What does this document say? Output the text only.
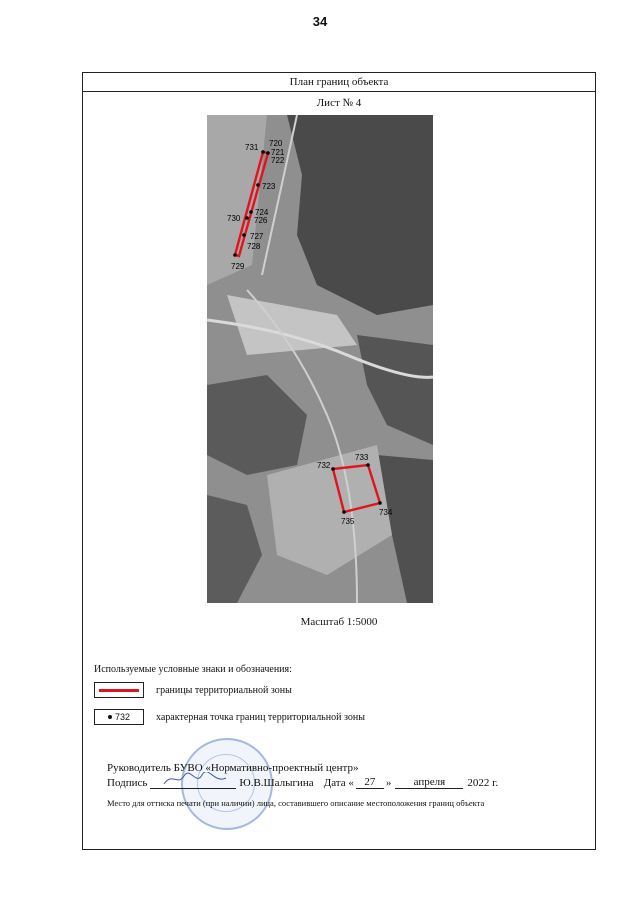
34
План границ объекта
Лист № 4
720
721
722
723
724
726
727
728
729
730
731
732
733
734
735
Масштаб 1:5000
Используемые условные знаки и обозначения:
границы территориальной зоны
732	характерная точка границ территориальной зоны
Руководитель БУВО «Нормативно-проектный центр»
Подпись	Ю.В.Шалыгина Дата « 27 »	апреля	2022 г.
Место для оттиска печати (при наличии) лица, составившего описание местоположения границ объекта
